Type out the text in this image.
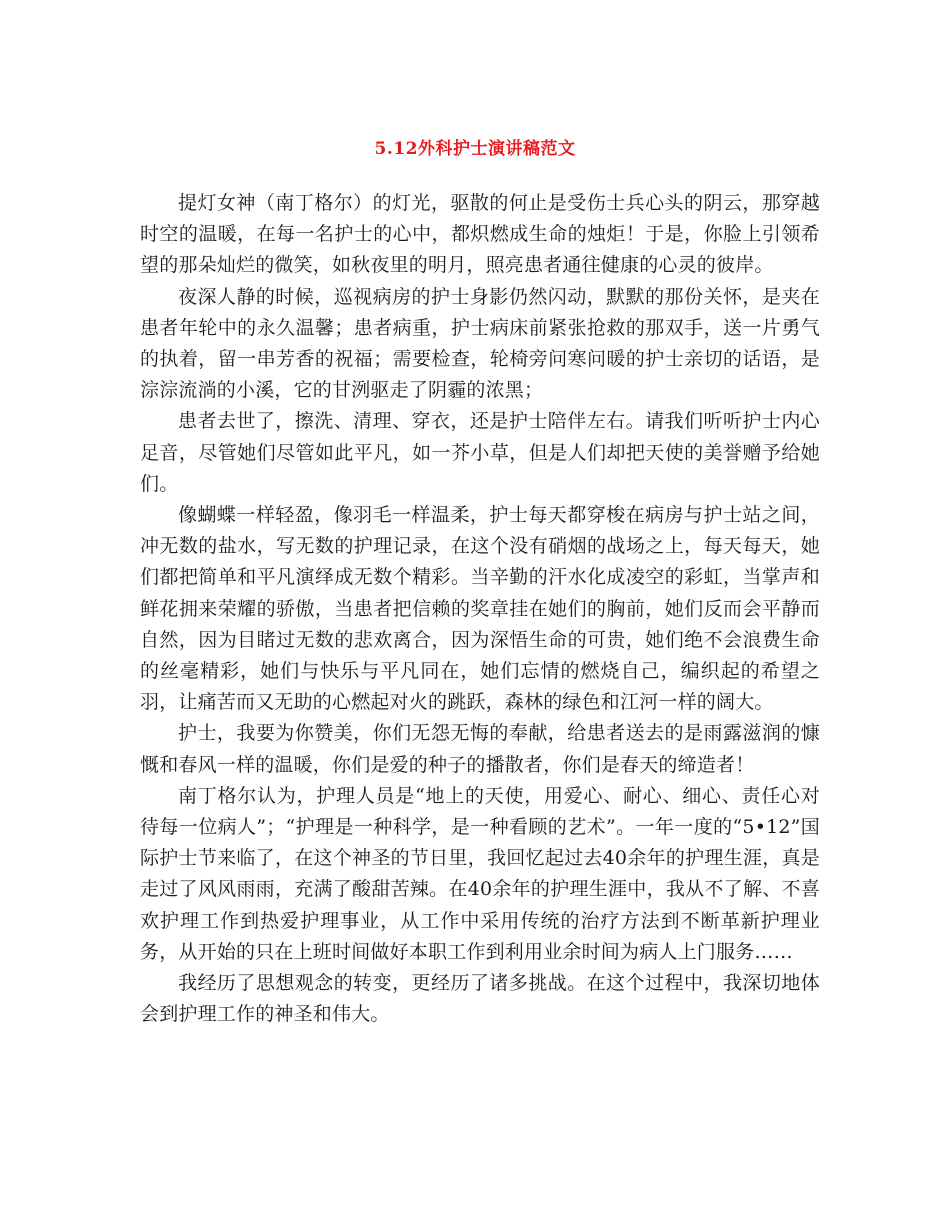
5.12外科护士演讲稿范文

提灯女神（南丁格尔）的灯光，驱散的何止是受伤士兵心头的阴云，那穿越时空的温暖，在每一名护士的心中，都炽燃成生命的烛炬！于是，你脸上引领希望的那朵灿烂的微笑，如秋夜里的明月，照亮患者通往健康的心灵的彼岸。

夜深人静的时候，巡视病房的护士身影仍然闪动，默默的那份关怀，是夹在患者年轮中的永久温馨；患者病重，护士病床前紧张抢救的那双手，送一片勇气的执着，留一串芳香的祝福；需要检查，轮椅旁问寒问暖的护士亲切的话语，是淙淙流淌的小溪，它的甘洌驱走了阴霾的浓黑；

患者去世了，擦洗、清理、穿衣，还是护士陪伴左右。请我们听听护士内心足音，尽管她们尽管如此平凡，如一芥小草，但是人们却把天使的美誉赠予给她们。

像蝴蝶一样轻盈，像羽毛一样温柔，护士每天都穿梭在病房与护士站之间，冲无数的盐水，写无数的护理记录，在这个没有硝烟的战场之上，每天每天，她们都把简单和平凡演绎成无数个精彩。当辛勤的汗水化成凌空的彩虹，当掌声和鲜花拥来荣耀的骄傲，当患者把信赖的奖章挂在她们的胸前，她们反而会平静而自然，因为目睹过无数的悲欢离合，因为深悟生命的可贵，她们绝不会浪费生命的丝毫精彩，她们与快乐与平凡同在，她们忘情的燃烧自己，编织起的希望之羽，让痛苦而又无助的心燃起对火的跳跃，森林的绿色和江河一样的阔大。

护士，我要为你赞美，你们无怨无悔的奉献，给患者送去的是雨露滋润的慷慨和春风一样的温暖，你们是爱的种子的播散者，你们是春天的缔造者！

南丁格尔认为，护理人员是“地上的天使，用爱心、耐心、细心、责任心对待每一位病人”；“护理是一种科学，是一种看顾的艺术”。一年一度的“5•12”国际护士节来临了，在这个神圣的节日里，我回忆起过去40余年的护理生涯，真是走过了风风雨雨，充满了酸甜苦辣。在40余年的护理生涯中，我从不了解、不喜欢护理工作到热爱护理事业，从工作中采用传统的治疗方法到不断革新护理业务，从开始的只在上班时间做好本职工作到利用业余时间为病人上门服务……

我经历了思想观念的转变，更经历了诸多挑战。在这个过程中，我深切地体会到护理工作的神圣和伟大。
